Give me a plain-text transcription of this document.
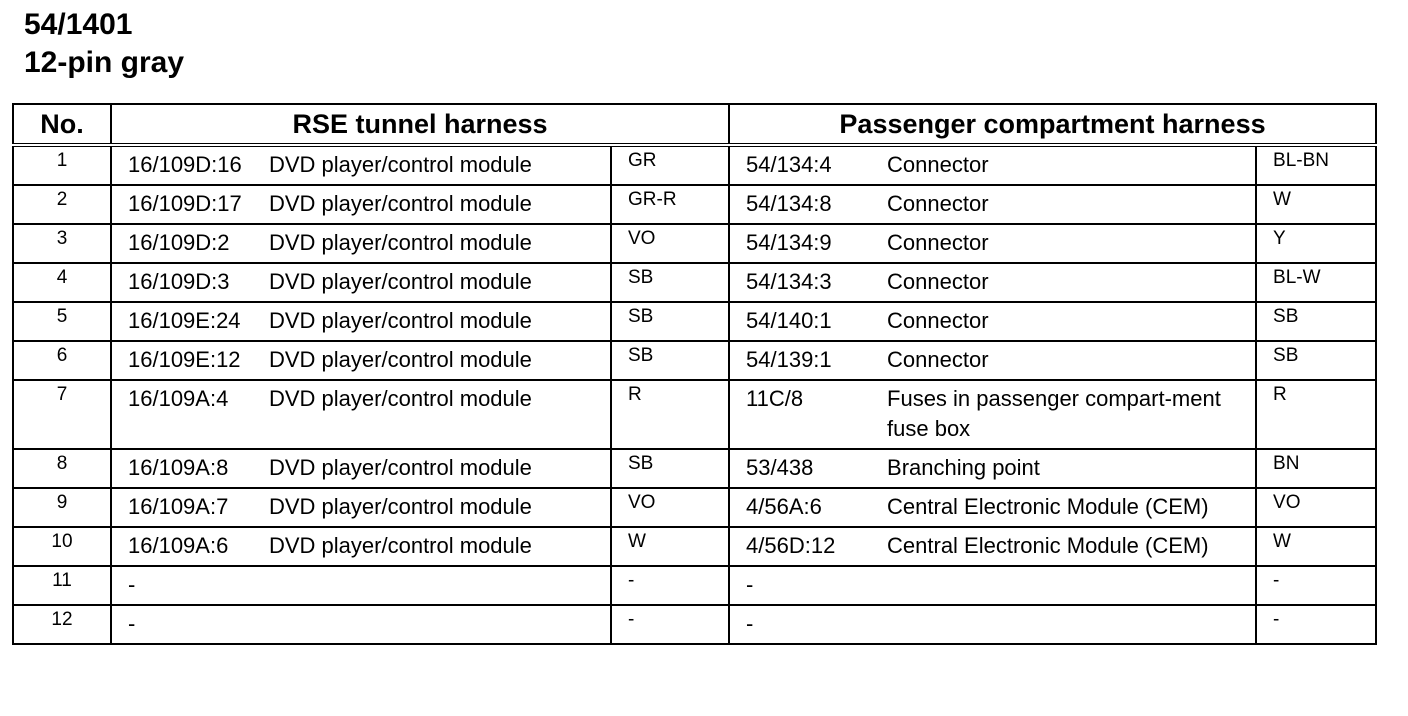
54/1401
12-pin gray
No.	RSE tunnel harness		Passenger compartment harness	
1	16/109D:16 DVD player/control module	GR	54/134:4 Connector	BL-BN
2	16/109D:17 DVD player/control module	GR-R	54/134:8 Connector	W
3	16/109D:2 DVD player/control module	VO	54/134:9 Connector	Y
4	16/109D:3 DVD player/control module	SB	54/134:3 Connector	BL-W
5	16/109E:24 DVD player/control module	SB	54/140:1 Connector	SB
6	16/109E:12 DVD player/control module	SB	54/139:1 Connector	SB
7	16/109A:4 DVD player/control module	R	11C/8 Fuses in passenger compart-ment fuse box	R
8	16/109A:8 DVD player/control module	SB	53/438 Branching point	BN
9	16/109A:7 DVD player/control module	VO	4/56A:6 Central Electronic Module (CEM)	VO
10	16/109A:6 DVD player/control module	W	4/56D:12 Central Electronic Module (CEM)	W
11	-	-	-	-
12	-	-	-	-
